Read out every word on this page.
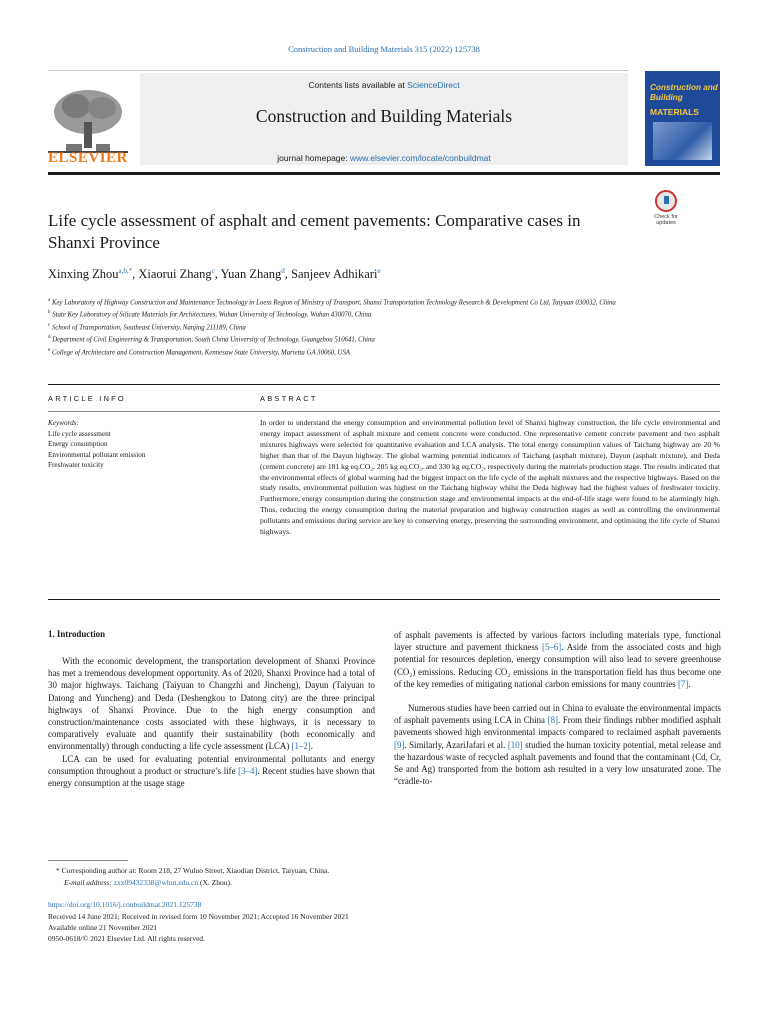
Construction and Building Materials 315 (2022) 125738
ELSEVIER
Contents lists available at ScienceDirect
Construction and Building Materials
journal homepage: www.elsevier.com/locate/conbuildmat
Construction and Building
MATERIALS
Life cycle assessment of asphalt and cement pavements: Comparative cases in Shanxi Province
Check for updates
Xinxing Zhou$^{a,b,*}$, Xiaorui Zhang$^c$, Yuan Zhang$^d$, Sanjeev Adhikari$^e$
$^a$ Key Laboratory of Highway Construction and Maintenance Technology in Loess Region of Ministry of Transport, Shanxi Transportation Technology Research & Development Co Ltd, Taiyuan 030032, China
$^b$ State Key Laboratory of Silicate Materials for Architectures, Wuhan University of Technology, Wuhan 430070, China
$^c$ School of Transportation, Southeast University, Nanjing 211189, China
$^d$ Department of Civil Engineering & Transportation, South China University of Technology, Guangzhou 510641, China
$^e$ College of Architecture and Construction Management, Kennesaw State University, Marietta GA 30060, USA
ARTICLE INFO	ABSTRACT
Keywords:
Life cycle assessment
Energy consumption
Environmental pollutant emission
Freshwater toxicity
In order to understand the energy consumption and environmental pollution level of Shanxi highway construction, the life cycle environmental and energy impact assessment of asphalt mixture and cement concrete were conducted. One representative cement concrete pavement and two asphalt mixtures highways were selected for quantitative evaluation and LCA analysis. The total energy consumption values of Taichang highway are 20 % higher than that of the Dayun highway. The global warming potential indicators of Taichang (asphalt mixture), Dayun (asphalt mixture), and Deda (cement concrete) are 181 kg eq.CO₂, 285 kg eq.CO₂, and 330 kg eq.CO₂, respectively during the materials production stage. The results indicated that the environmental effects of global warming had the biggest impact on the life cycle of the asphalt mixtures and the respective highways. Based on the study results, environmental pollution was highest on the Taichang highway whilst the Deda highway had the highest values of freshwater toxicity. Furthermore, energy consumption during the construction stage and environmental impacts at the end-of-life stage were found to be alarmingly high. Thus, reducing the energy consumption during the material preparation and highway construction stages as well as controlling the environmental pollutants and emissions during service are key to conserving energy, preserving the surrounding environment, and optimising the life cycle of Shanxi highways.
1. Introduction

With the economic development, the transportation development of Shanxi Province has met a tremendous development opportunity. As of 2020, Shanxi Province had a total of 30 major highways. Taichang (Taiyuan to Changzhi and Jincheng), Dayun (Taiyuan to Datong and Yuncheng) and Deda (Deshengkou to Datong city) are the three principal highways of Shanxi Province. Due to the high energy consumption and construction/maintenance costs associated with these highways, it is necessary to comparatively evaluate and quantify their sustainability (both economically and environmentally) through conducting a life cycle assessment (LCA) [1–2].

LCA can be used for evaluating potential environmental pollutants and energy consumption throughout a product or structure’s life [3–4]. Recent studies have shown that energy consumption at the usage stage

of asphalt pavements is affected by various factors including materials type, functional layer structure and pavement thickness [5–6]. Aside from the associated costs and high potential for resources depletion, energy consumption will also lead to severe greenhouse (CO₂) emissions. Reducing CO₂ emissions in the transportation field has thus become one of the key remedies of mitigating national carbon emissions for many countries [7].

Numerous studies have been carried out in China to evaluate the environmental impacts of asphalt pavements using LCA in China [8]. From their findings rubber modified asphalt pavements showed high environmental impacts compared to reclaimed asphalt pavements [9]. Similarly, AzariJafari et al. [10] studied the human toxicity potential, metal release and the hazardous waste of recycled asphalt pavements and found that the contaminant (Cd, Cr, Se and Ag) transported from the bottom ash resulted in a very low unsaturated zone. The “cradle-to-

* Corresponding author at: Room 218, 27 Wuluo Street, Xiaodian District, Taiyuan, China.
E-mail address: zxx09432338@whut.edu.cn (X. Zhou).
https://doi.org/10.1016/j.conbuildmat.2021.125738
Received 14 June 2021; Received in revised form 10 November 2021; Accepted 16 November 2021
Available online 21 November 2021
0950-0618/© 2021 Elsevier Ltd. All rights reserved.
